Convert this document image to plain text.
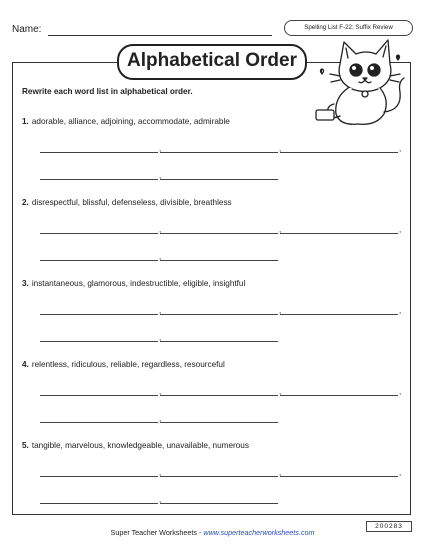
Name:	Spelling List F-22: Suffix Review
Alphabetical Order
Rewrite each word list in alphabetical order.
1. adorable, alliance, adjoining, accommodate, admirable
,	,	,
,
2. disrespectful, blissful, defenseless, divisible, breathless
,	,	,
,
3. instantaneous, glamorous, indestructible, eligible, insightful
,	,	,
,
4. relentless, ridiculous, reliable, regardless, resourceful
,	,	,
,
5. tangible, marvelous, knowledgeable, unavailable, numerous
,	,	,
,
Super Teacher Worksheets - www.superteacherworksheets.com
200283
